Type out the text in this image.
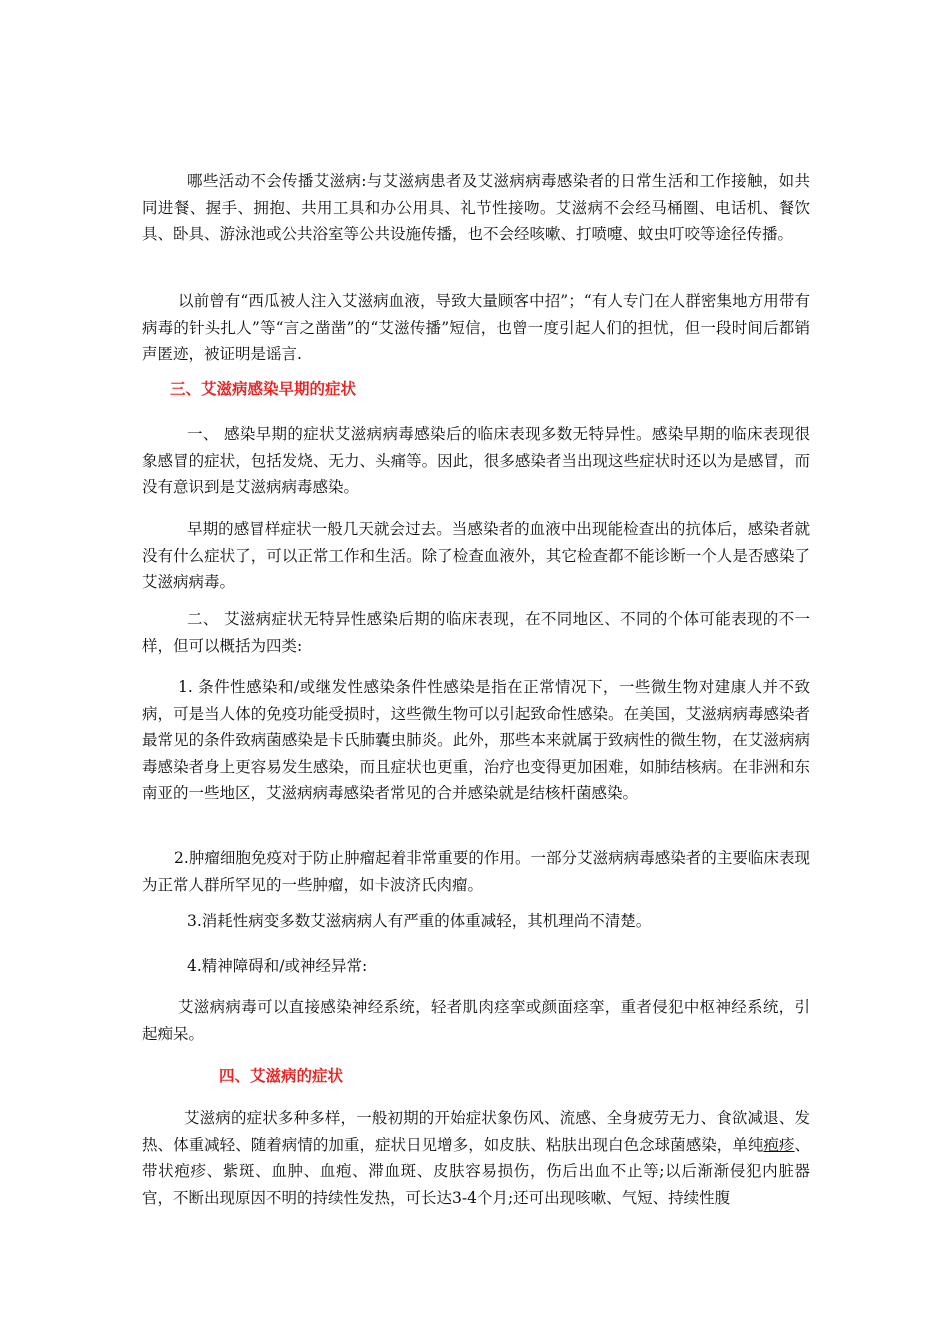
哪些活动不会传播艾滋病:与艾滋病患者及艾滋病病毒感染者的日常生活和工作接触，如共同进餐、握手、拥抱、共用工具和办公用具、礼节性接吻。艾滋病不会经马桶圈、电话机、餐饮具、卧具、游泳池或公共浴室等公共设施传播，也不会经咳嗽、打喷嚏、蚊虫叮咬等途径传播。

以前曾有“西瓜被人注入艾滋病血液，导致大量顾客中招”；“有人专门在人群密集地方用带有病毒的针头扎人”等“言之凿凿”的“艾滋传播”短信，也曾一度引起人们的担忧，但一段时间后都销声匿迹，被证明是谣言.

三、艾滋病感染早期的症状

一、 感染早期的症状艾滋病病毒感染后的临床表现多数无特异性。感染早期的临床表现很象感冒的症状，包括发烧、无力、头痛等。因此，很多感染者当出现这些症状时还以为是感冒，而没有意识到是艾滋病病毒感染。

早期的感冒样症状一般几天就会过去。当感染者的血液中出现能检查出的抗体后，感染者就没有什么症状了，可以正常工作和生活。除了检查血液外，其它检查都不能诊断一个人是否感染了艾滋病病毒。

二、 艾滋病症状无特异性感染后期的临床表现，在不同地区、不同的个体可能表现的不一样，但可以概括为四类:

1. 条件性感染和/或继发性感染条件性感染是指在正常情况下，一些微生物对建康人并不致病，可是当人体的免疫功能受损时，这些微生物可以引起致命性感染。在美国，艾滋病病毒感染者最常见的条件致病菌感染是卡氏肺囊虫肺炎。此外，那些本来就属于致病性的微生物，在艾滋病病毒感染者身上更容易发生感染，而且症状也更重，治疗也变得更加困难，如肺结核病。在非洲和东南亚的一些地区，艾滋病病毒感染者常见的合并感染就是结核杆菌感染。

2.肿瘤细胞免疫对于防止肿瘤起着非常重要的作用。一部分艾滋病病毒感染者的主要临床表现为正常人群所罕见的一些肿瘤，如卡波济氏肉瘤。

3.消耗性病变多数艾滋病病人有严重的体重减轻，其机理尚不清楚。

4.精神障碍和/或神经异常:

艾滋病病毒可以直接感染神经系统，轻者肌肉痉挛或颜面痉挛，重者侵犯中枢神经系统，引起痴呆。

四、艾滋病的症状

艾滋病的症状多种多样，一般初期的开始症状象伤风、流感、全身疲劳无力、食欲减退、发热、体重减轻、随着病情的加重，症状日见增多，如皮肤、粘肤出现白色念球菌感染，单纯疱疹、带状疱疹、紫斑、血肿、血疱、滞血斑、皮肤容易损伤，伤后出血不止等;以后渐渐侵犯内脏器官，不断出现原因不明的持续性发热，可长达3-4个月;还可出现咳嗽、气短、持续性腹
